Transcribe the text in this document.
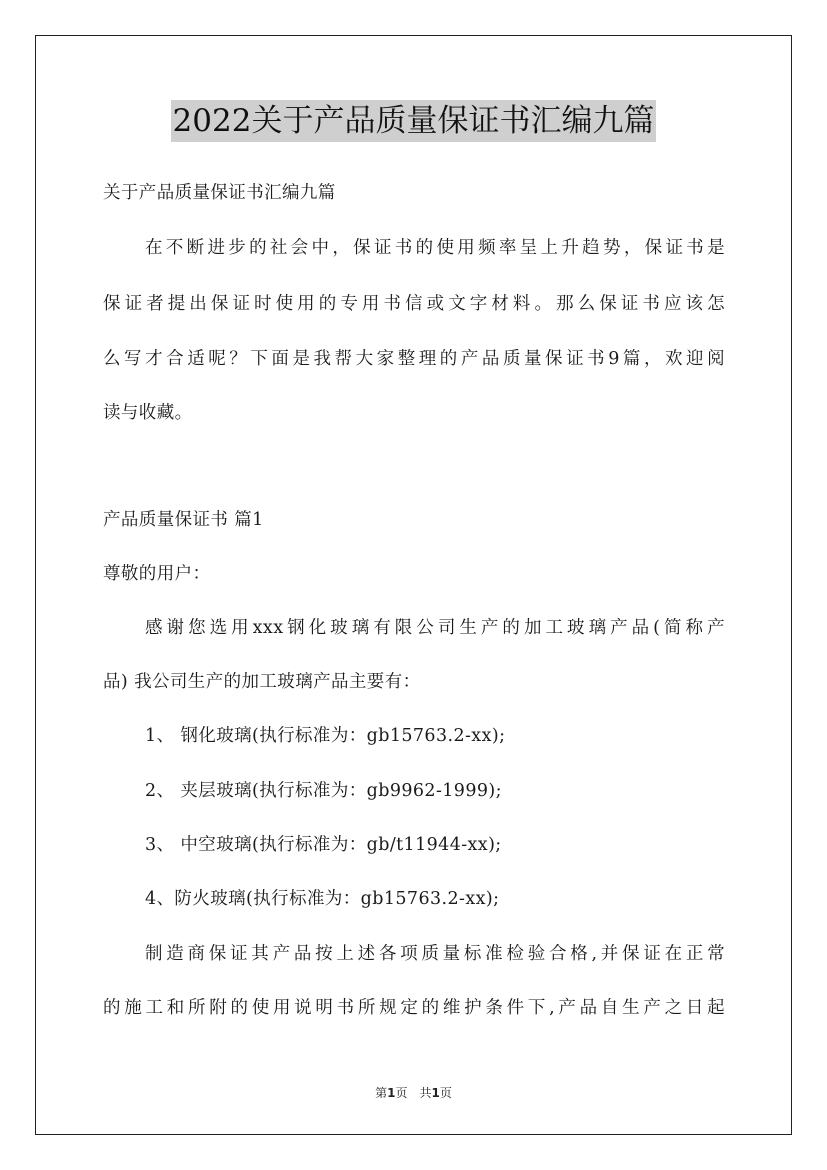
2022关于产品质量保证书汇编九篇
关于产品质量保证书汇编九篇
在不断进步的社会中，保证书的使用频率呈上升趋势，保证书是
保证者提出保证时使用的专用书信或文字材料。那么保证书应该怎
么写才合适呢？下面是我帮大家整理的产品质量保证书9篇，欢迎阅
读与收藏。
产品质量保证书 篇1
尊敬的用户：
感谢您选用xxx钢化玻璃有限公司生产的加工玻璃产品(简称产
品) 我公司生产的加工玻璃产品主要有：
1、 钢化玻璃(执行标准为：gb15763.2-xx);
2、 夹层玻璃(执行标准为：gb9962-1999);
3、 中空玻璃(执行标准为：gb/t11944-xx);
4、防火玻璃(执行标准为：gb15763.2-xx);
制造商保证其产品按上述各项质量标准检验合格,并保证在正常
的施工和所附的使用说明书所规定的维护条件下,产品自生产之日起
第1页　共1页
